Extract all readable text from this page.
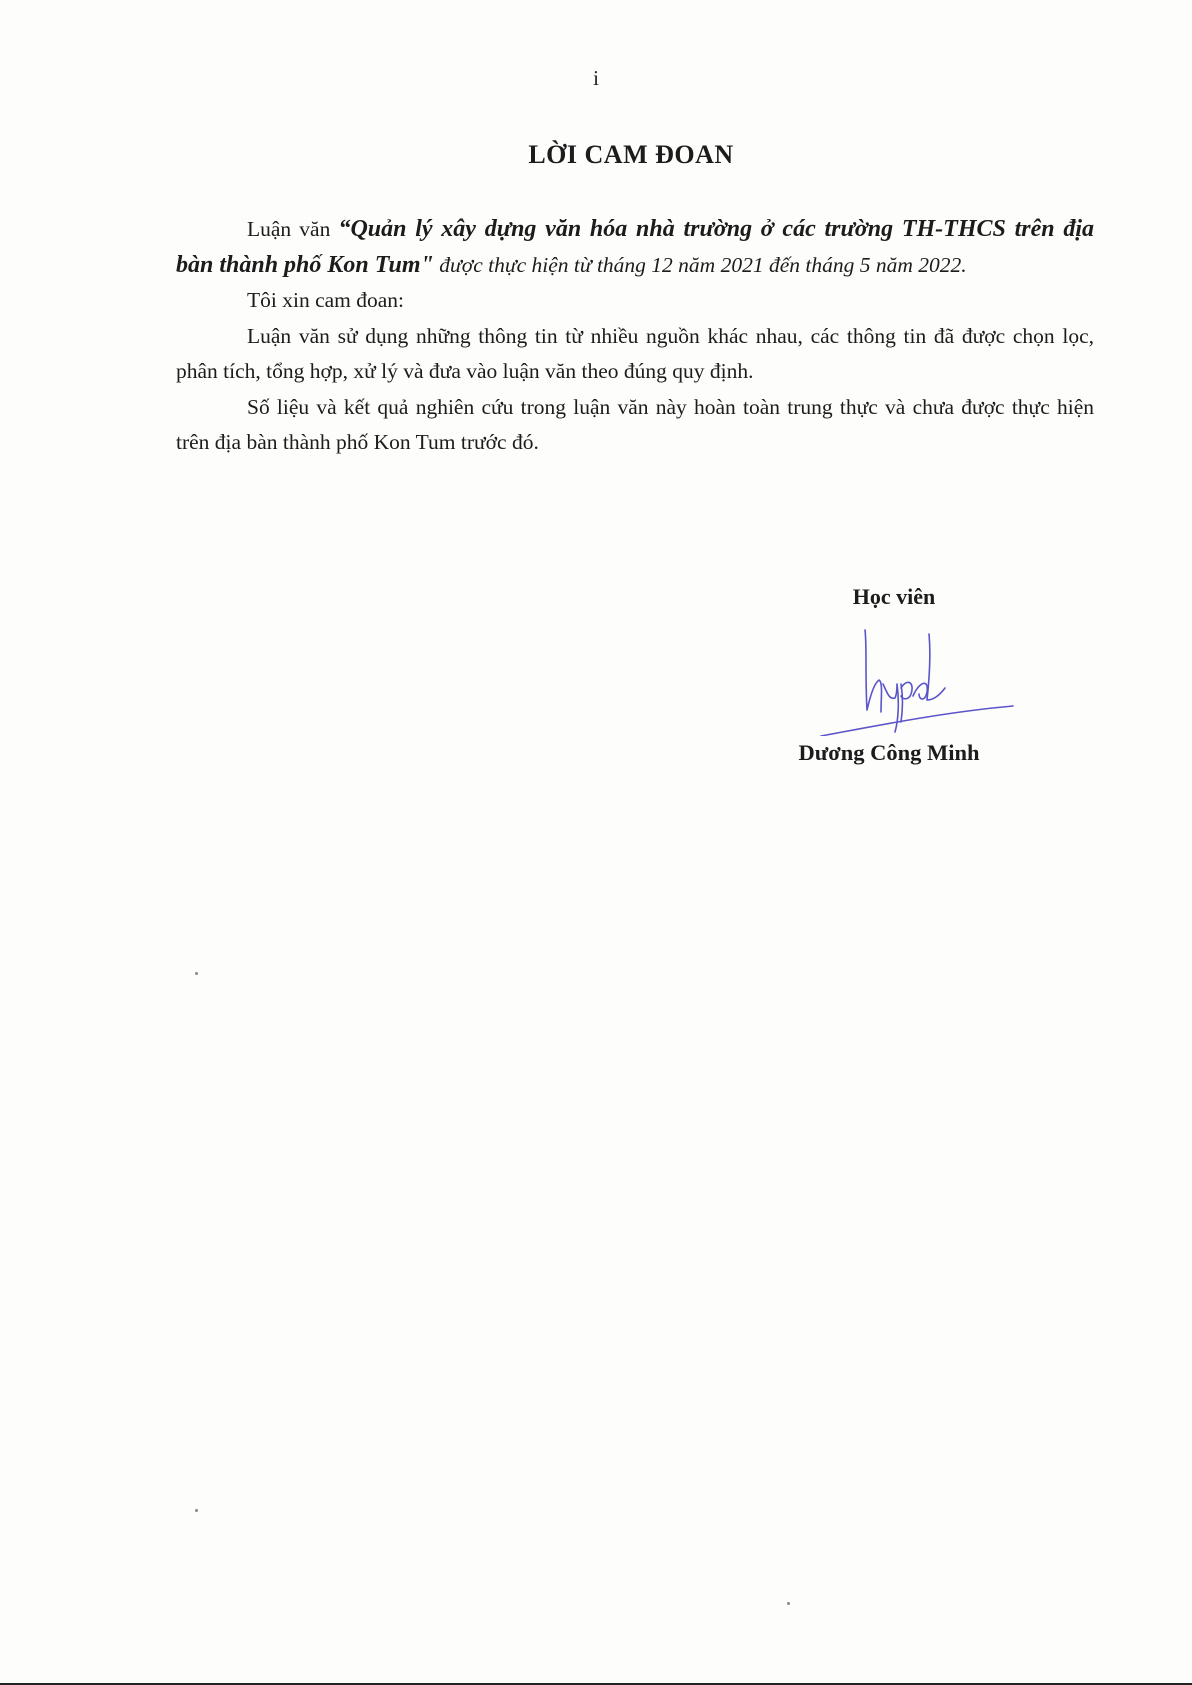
i
LỜI CAM ĐOAN

Luận văn “Quản lý xây dựng văn hóa nhà trường ở các trường TH-THCS trên địa bàn thành phố Kon Tum" được thực hiện từ tháng 12 năm 2021 đến tháng 5 năm 2022.

Tôi xin cam đoan:

Luận văn sử dụng những thông tin từ nhiều nguồn khác nhau, các thông tin đã được chọn lọc, phân tích, tổng hợp, xử lý và đưa vào luận văn theo đúng quy định.

Số liệu và kết quả nghiên cứu trong luận văn này hoàn toàn trung thực và chưa được thực hiện trên địa bàn thành phố Kon Tum trước đó.

Học viên
Dương Công Minh
